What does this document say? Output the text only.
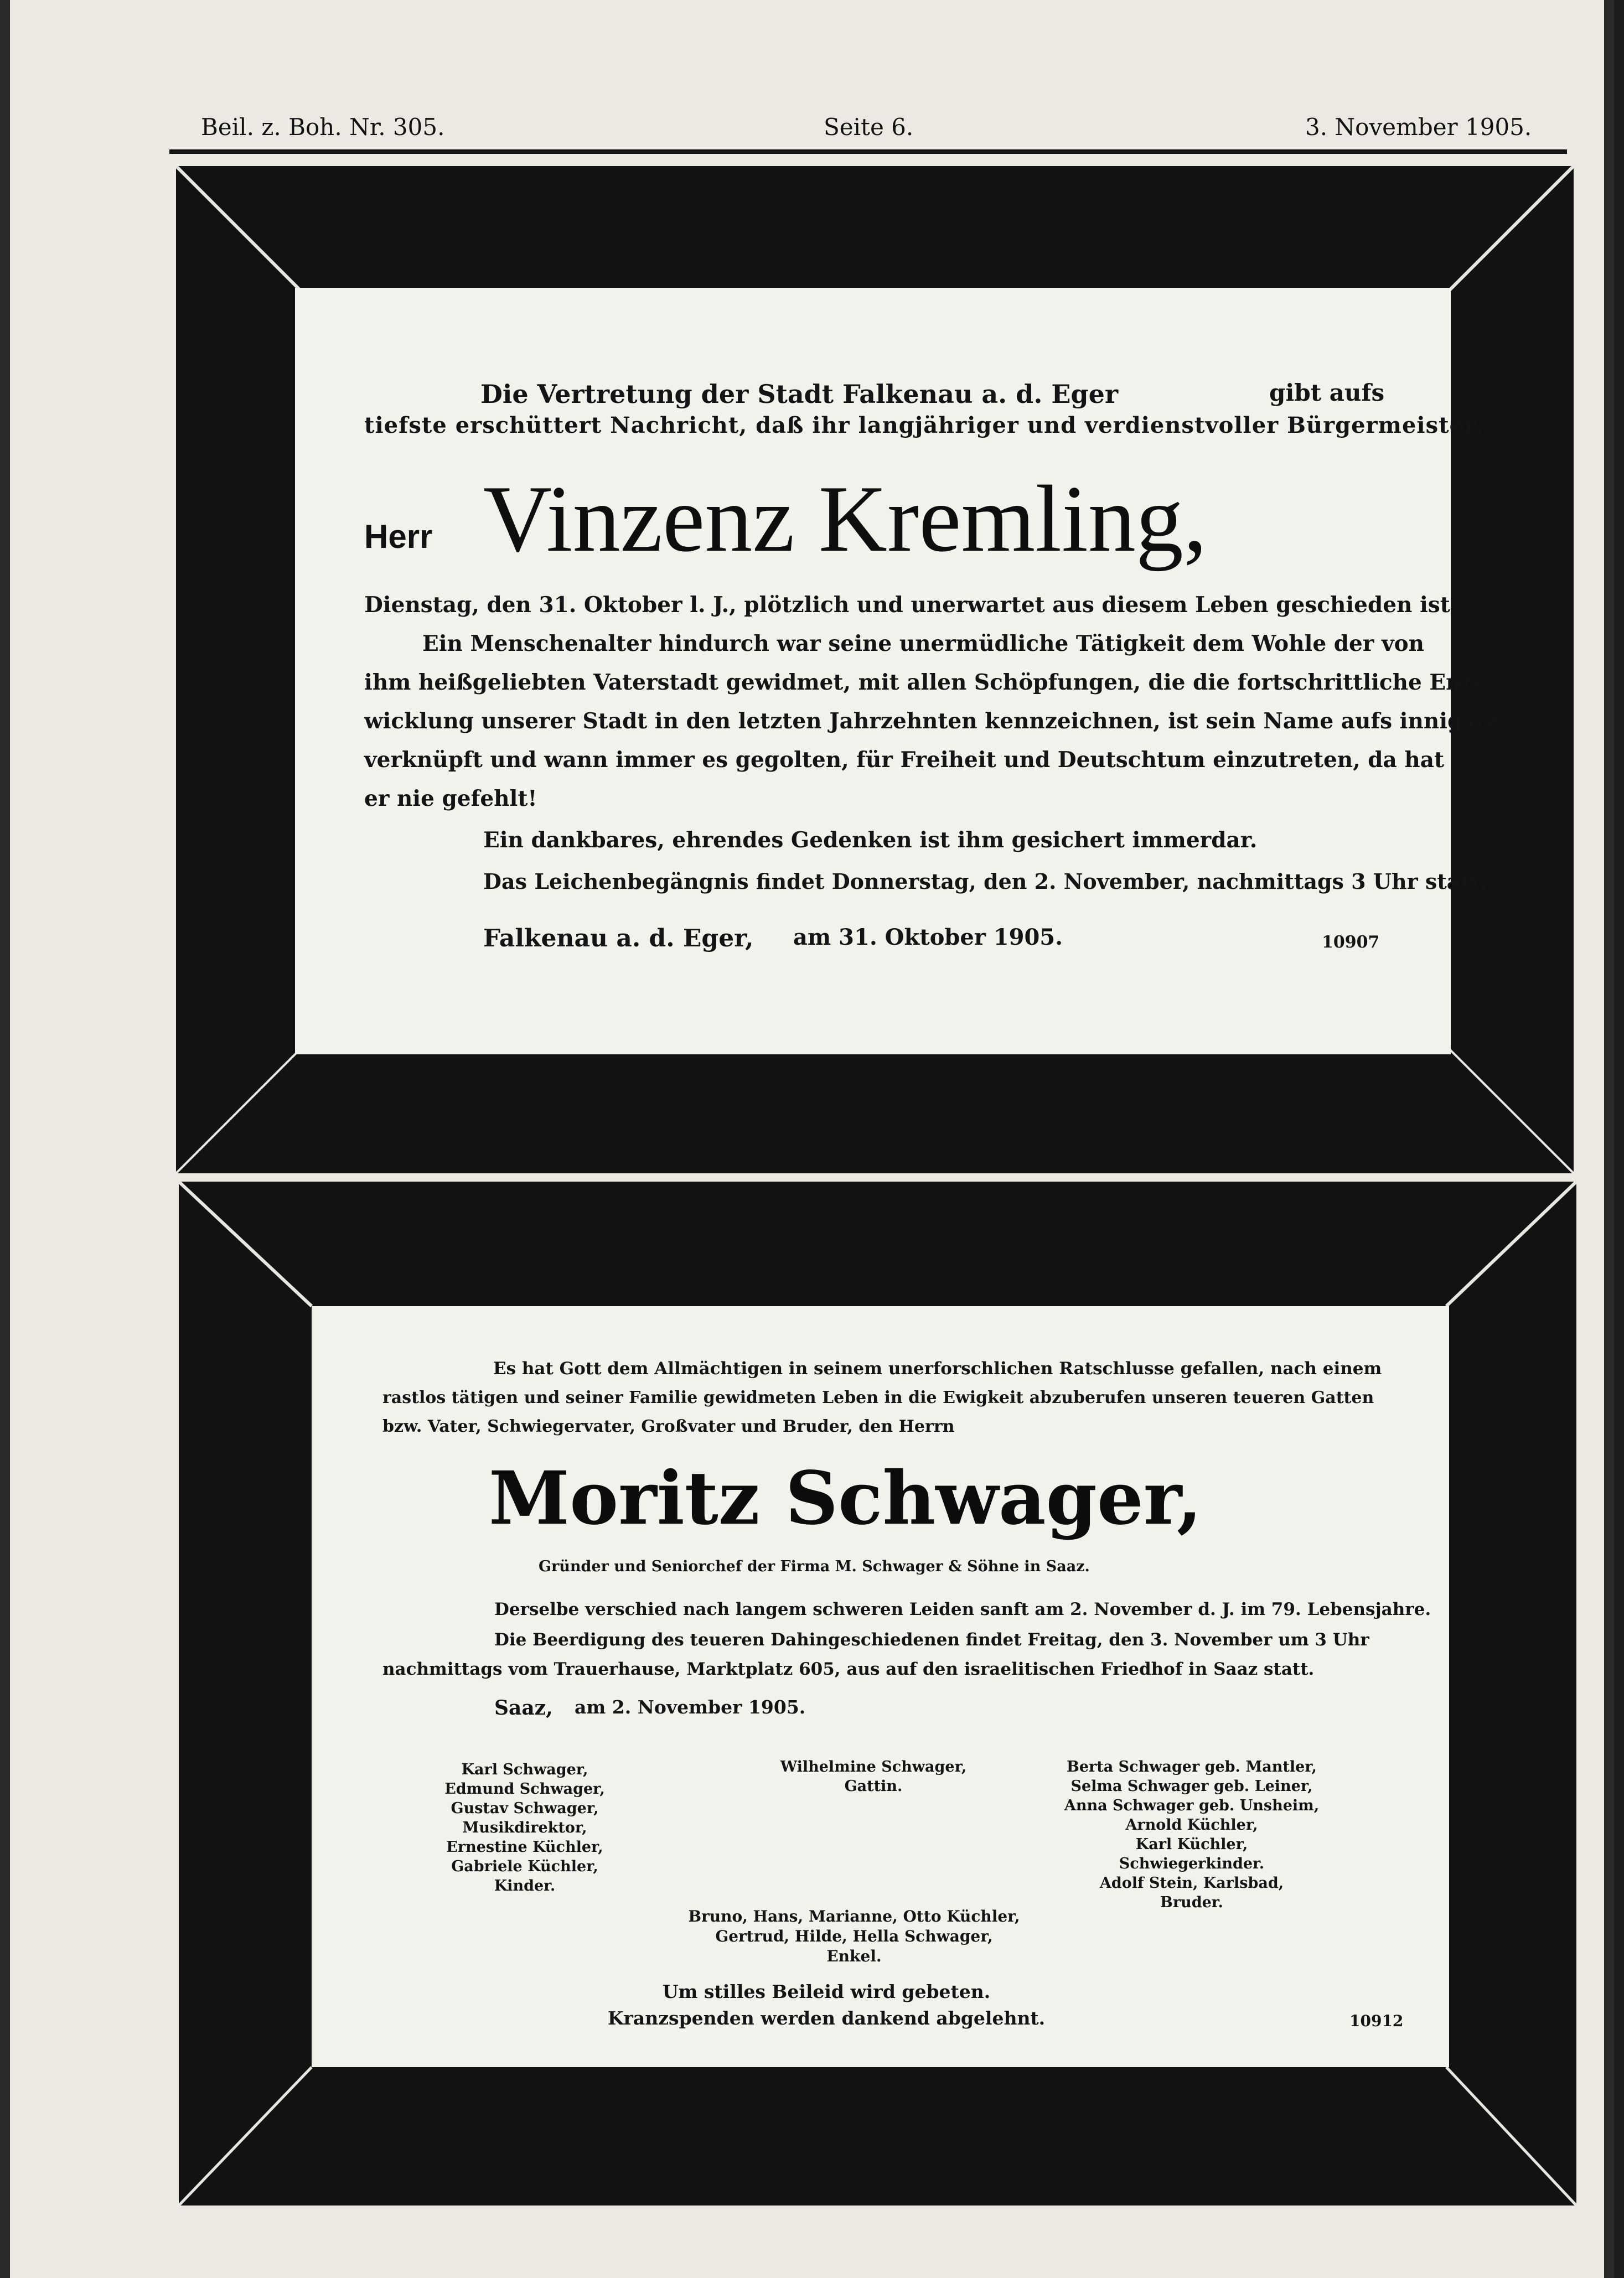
Beil. z. Boh. Nr. 305.	Seite 6.	3. November 1905.
Die Vertretung der Stadt Falkenau a. d. Eger	gibt aufs
tiefste erschüttert Nachricht, daß ihr langjähriger und verdienstvoller Bürgermeister,
Herr Vinzenz Kremling,
Dienstag, den 31. Oktober l. J., plötzlich und unerwartet aus diesem Leben geschieden ist.
Ein Menschenalter hindurch war seine unermüdliche Tätigkeit dem Wohle der von
ihm heißgeliebten Vaterstadt gewidmet, mit allen Schöpfungen, die die fortschrittliche Ent-
wicklung unserer Stadt in den letzten Jahrzehnten kennzeichnen, ist sein Name aufs innigste
verknüpft und wann immer es gegolten, für Freiheit und Deutschtum einzutreten, da hat
er nie gefehlt!
Ein dankbares, ehrendes Gedenken ist ihm gesichert immerdar.
Das Leichenbegängnis findet Donnerstag, den 2. November, nachmittags 3 Uhr statt.
Falkenau a. d. Eger, am 31. Oktober 1905.	10907
Es hat Gott dem Allmächtigen in seinem unerforschlichen Ratschlusse gefallen, nach einem
rastlos tätigen und seiner Familie gewidmeten Leben in die Ewigkeit abzuberufen unseren teueren Gatten
bzw. Vater, Schwiegervater, Großvater und Bruder, den Herrn
Moritz Schwager,
Gründer und Seniorchef der Firma M. Schwager & Söhne in Saaz.
Derselbe verschied nach langem schweren Leiden sanft am 2. November d. J. im 79. Lebensjahre.
Die Beerdigung des teueren Dahingeschiedenen findet Freitag, den 3. November um 3 Uhr
nachmittags vom Trauerhause, Marktplatz 605, aus auf den israelitischen Friedhof in Saaz statt.
Saaz, am 2. November 1905.
Karl Schwager,
Edmund Schwager,
Gustav Schwager, Musikdirektor,
Ernestine Küchler,
Gabriele Küchler,
Kinder.
Wilhelmine Schwager,
Gattin.
Berta Schwager geb. Mantler,
Selma Schwager geb. Leiner,
Anna Schwager geb. Unsheim,
Arnold Küchler,
Karl Küchler,
Schwiegerkinder.
Adolf Stein, Karlsbad,
Bruder.
Bruno, Hans, Marianne, Otto Küchler,
Gertrud, Hilde, Hella Schwager,
Enkel.
Um stilles Beileid wird gebeten.
Kranzspenden werden dankend abgelehnt.	10912
